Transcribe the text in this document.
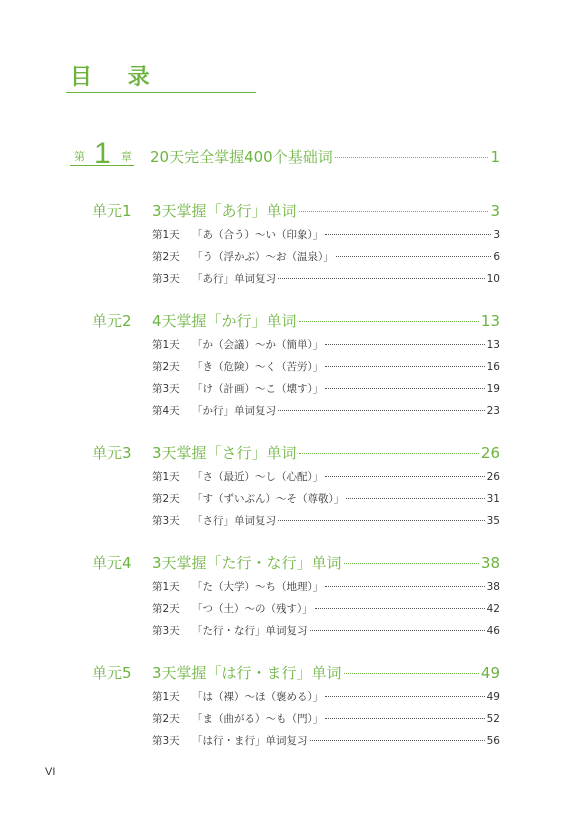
目 录
第 1 章 20天完全掌握400个基础词	1
单元1 3天掌握「あ行」单词	3
第1天	「あ（合う）～い（印象）」	3
第2天	「う（浮かぶ）～お（温泉）」	6
第3天	「あ行」单词复习	10
单元2 4天掌握「か行」单词	13
第1天	「か（会議）～か（簡単）」	13
第2天	「き（危険）～く（苦労）」	16
第3天	「け（計画）～こ（壊す）」	19
第4天	「か行」单词复习	23
单元3 3天掌握「さ行」单词	26
第1天	「さ（最近）～し（心配）」	26
第2天	「す（ずいぶん）～そ（尊敬）」	31
第3天	「さ行」单词复习	35
单元4 3天掌握「た行・な行」单词	38
第1天	「た（大学）～ち（地理）」	38
第2天	「つ（土）～の（残す）」	42
第3天	「た行・な行」单词复习	46
单元5 3天掌握「は行・ま行」单词	49
第1天	「は（裸）～ほ（褒める）」	49
第2天	「ま（曲がる）～も（門）」	52
第3天	「は行・ま行」单词复习	56
VI
